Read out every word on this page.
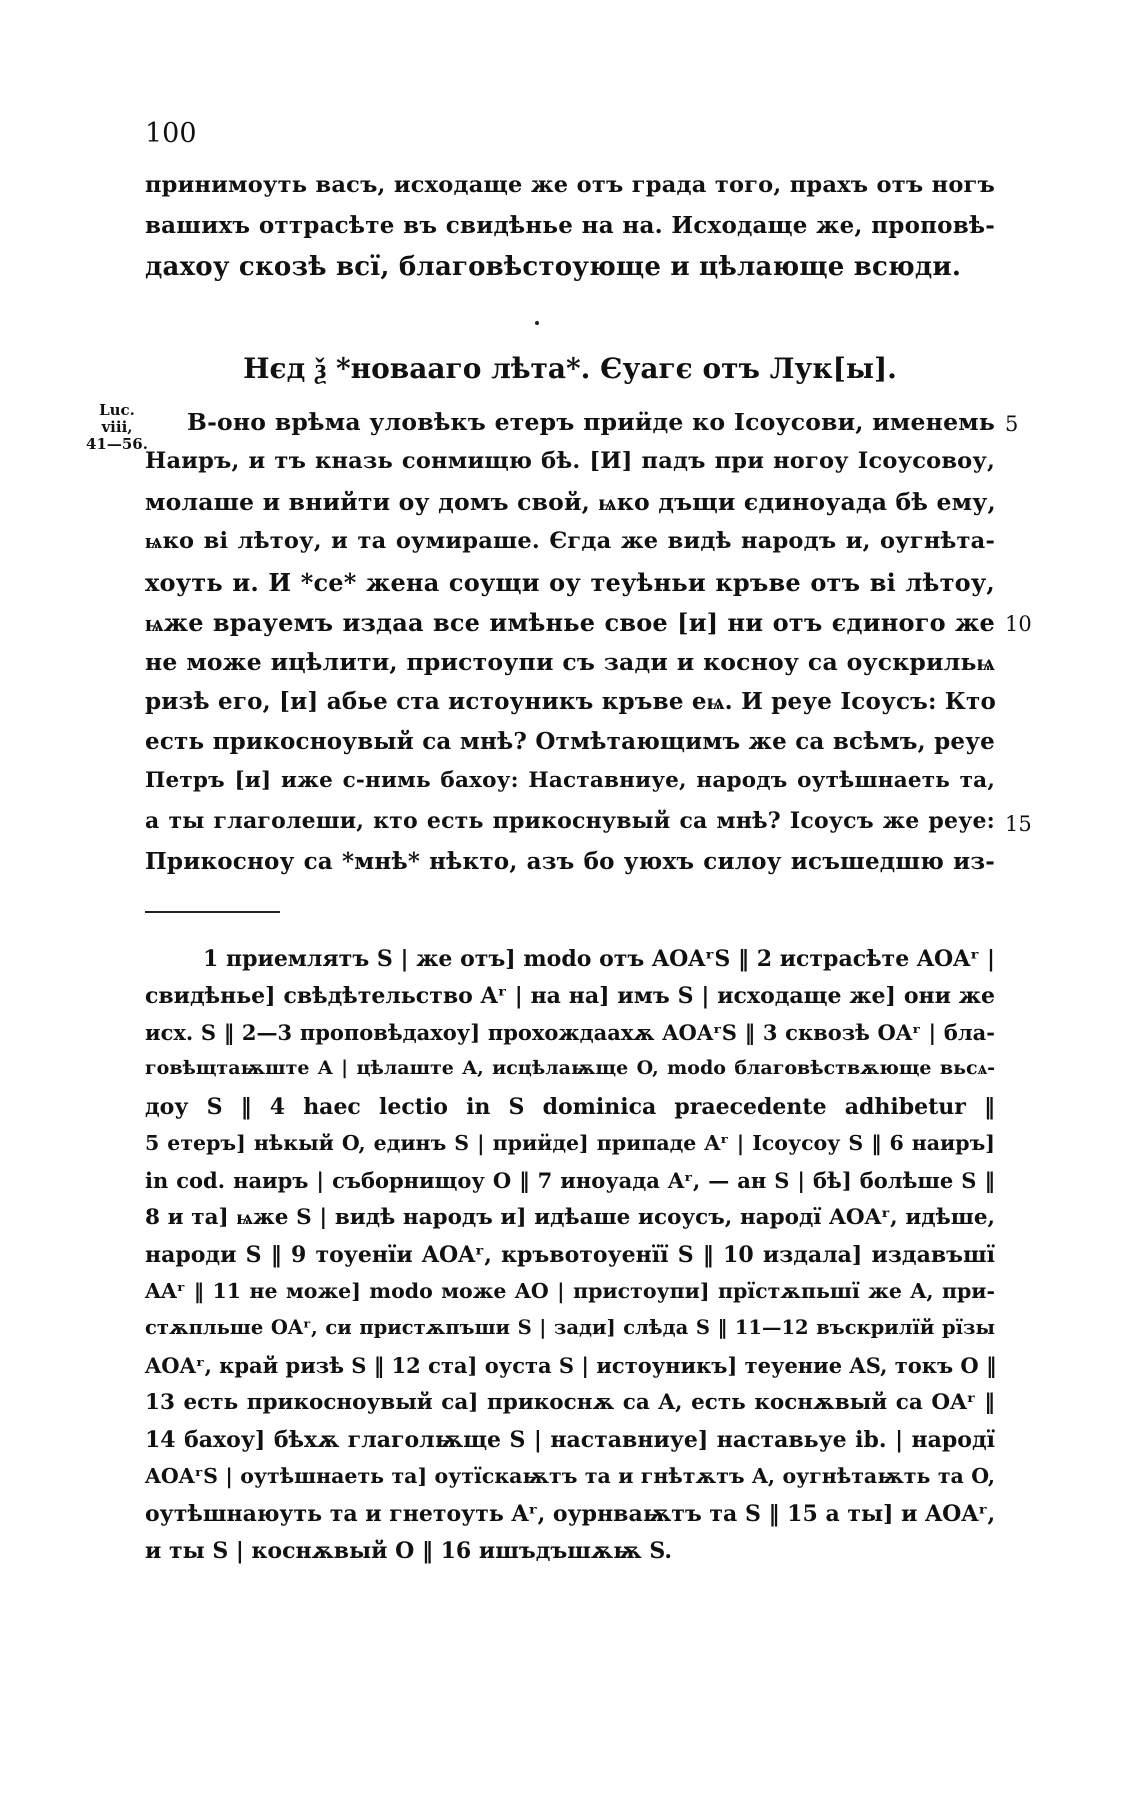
100
принимоуть васъ, исходаще же отъ града того, прахъ отъ ногъ
вашихъ оттрасѣте въ свидѣнье на на. Исходаще же, проповѣ-
дахоу скозѣ всї, благовѣстоующе и цѣлающе всюди.
Нєд ѯ *новааго лѣта*. Єуагє отъ Лук[ы].
Luc.
viii,
41—56.
В-оно врѣма уловѣкъ етеръ приӥде ко Ісоусови, именемь
Наиръ, и тъ кназь сонмищю бѣ. [И] падъ при ногоу Ісоусовоу,
молаше и внийти оу домъ свой, ѩко дъщи єдиноуада бѣ ему,
ѩко ві лѣтоу, и та оумираше. Єгда же видѣ народъ и, оугнѣта-
хоуть и. И *се* жена соущи оу теуѣньи кръве отъ ві лѣтоу,
ѩже врауемъ издаа все имѣнье свое [и] ни отъ єдиного же
не може ицѣлити, пристоупи съ зади и косноу са оускрильѩ
ризѣ его, [и] абье ста истоуникъ кръве еѩ. И реуе Ісоусъ: Кто
есть прикосноувый са мнѣ? Отмѣтающимъ же са всѣмъ, реуе
Петръ [и] иже с-нимь бахоу: Наставниуе, народъ оутѣшнаеть та,
а ты глаголеши, кто есть прикоснувый са мнѣ? Ісоусъ же реуе:
Прикосноу са *мнѣ* нѣкто, азъ бо уюхъ силоу исъшедшю из-
5
10
15
1 приемлятъ S | же отъ] modo отъ AOAʳS ‖ 2 истрасѣте AOAʳ |
свидѣнье] свѣдѣтельство Aʳ | на на] имъ S | исходаще же] они же
исх. S ‖ 2—3 проповѣдахоу] прохождаахѫ AOAʳS ‖ 3 сквозѣ OAʳ | бла-
говѣщтаѭште A | цѣлаште A, исцѣлаѭще O, modo благовѣствѫюще вьсѧ-
доу S ‖ 4 haec lectio in S dominica praecedente adhibetur ‖
5 етеръ] нѣкый O, единъ S | приӥде] припаде Aʳ | Ісоусоу S ‖ 6 наиръ]
in cod. наиръ | съборнищоу O ‖ 7 иноуада Aʳ, — ан S | бѣ] болѣше S ‖
8 и та] ѩже S | видѣ народъ и] идѣаше исоусъ, народї AOAʳ, идѣше,
народи S ‖ 9 тоуенїи AOAʳ, кръвотоуенїї S ‖ 10 издала] издавъшї
AAʳ ‖ 11 не може] modo може AO | пристоупи] прїстѫпьшї же A, при-
стѫпльше OAʳ, си пристѫпъши S | зади] слѣда S ‖ 11—12 въскрилїй рїзы
AOAʳ, край ризѣ S ‖ 12 ста] оуста S | истоуникъ] теуение AS, токъ O ‖
13 есть прикосноувый са] прикоснѫ са A, есть коснѫвый са OAʳ ‖
14 бахоу] бѣхѫ глаголѭще S | наставниуе] наставьуе ib. | народї
AOAʳS | оутѣшнаеть та] оутїскаѭтъ та и гнѣтѫтъ A, оугнѣтаѭть та O,
оутѣшнаюуть та и гнетоуть Aʳ, оурнваѭтъ та S ‖ 15 а ты] и AOAʳ,
и ты S | коснѫвый O ‖ 16 ишъдъшѫѭ S.
